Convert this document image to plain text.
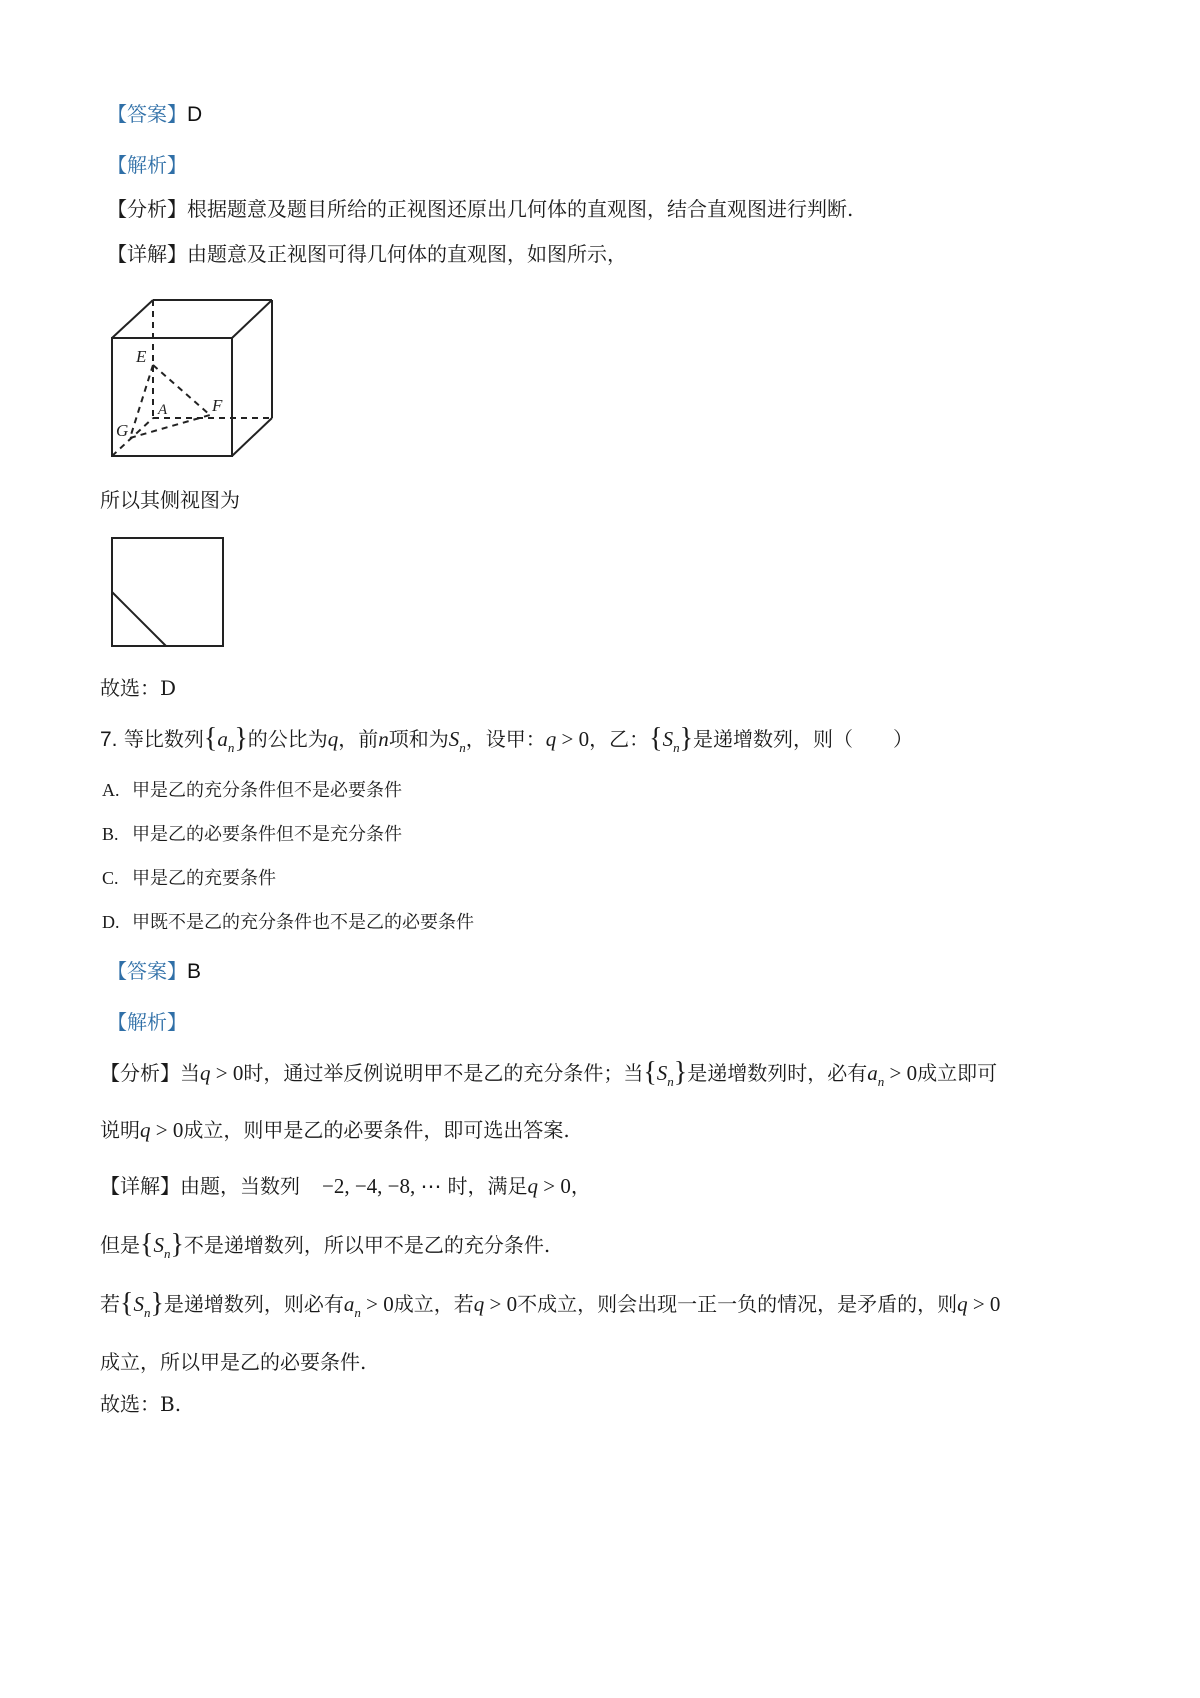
【答案】D
【解析】
【分析】根据题意及题目所给的正视图还原出几何体的直观图，结合直观图进行判断.
【详解】由题意及正视图可得几何体的直观图，如图所示，
E
A	F
G
所以其侧视图为
故选：D
7. 等比数列$\{a_n\}$的公比为q，前n项和为$S_n$，设甲：q > 0，乙：$\{S_n\}$是递增数列，则（　　）
A. 甲是乙的充分条件但不是必要条件
B. 甲是乙的必要条件但不是充分条件
C. 甲是乙的充要条件
D. 甲既不是乙的充分条件也不是乙的必要条件
【答案】B
【解析】
【分析】当q > 0时，通过举反例说明甲不是乙的充分条件；当$\{S_n\}$是递增数列时，必有$a_n > 0$成立即可
说明q > 0成立，则甲是乙的必要条件，即可选出答案.
【详解】由题，当数列 −2, −4, −8, ⋯ 时，满足q > 0，
但是$\{S_n\}$不是递增数列，所以甲不是乙的充分条件.
若$\{S_n\}$是递增数列，则必有$a_n > 0$成立，若q > 0不成立，则会出现一正一负的情况，是矛盾的，则q > 0
成立，所以甲是乙的必要条件.
故选：B.
